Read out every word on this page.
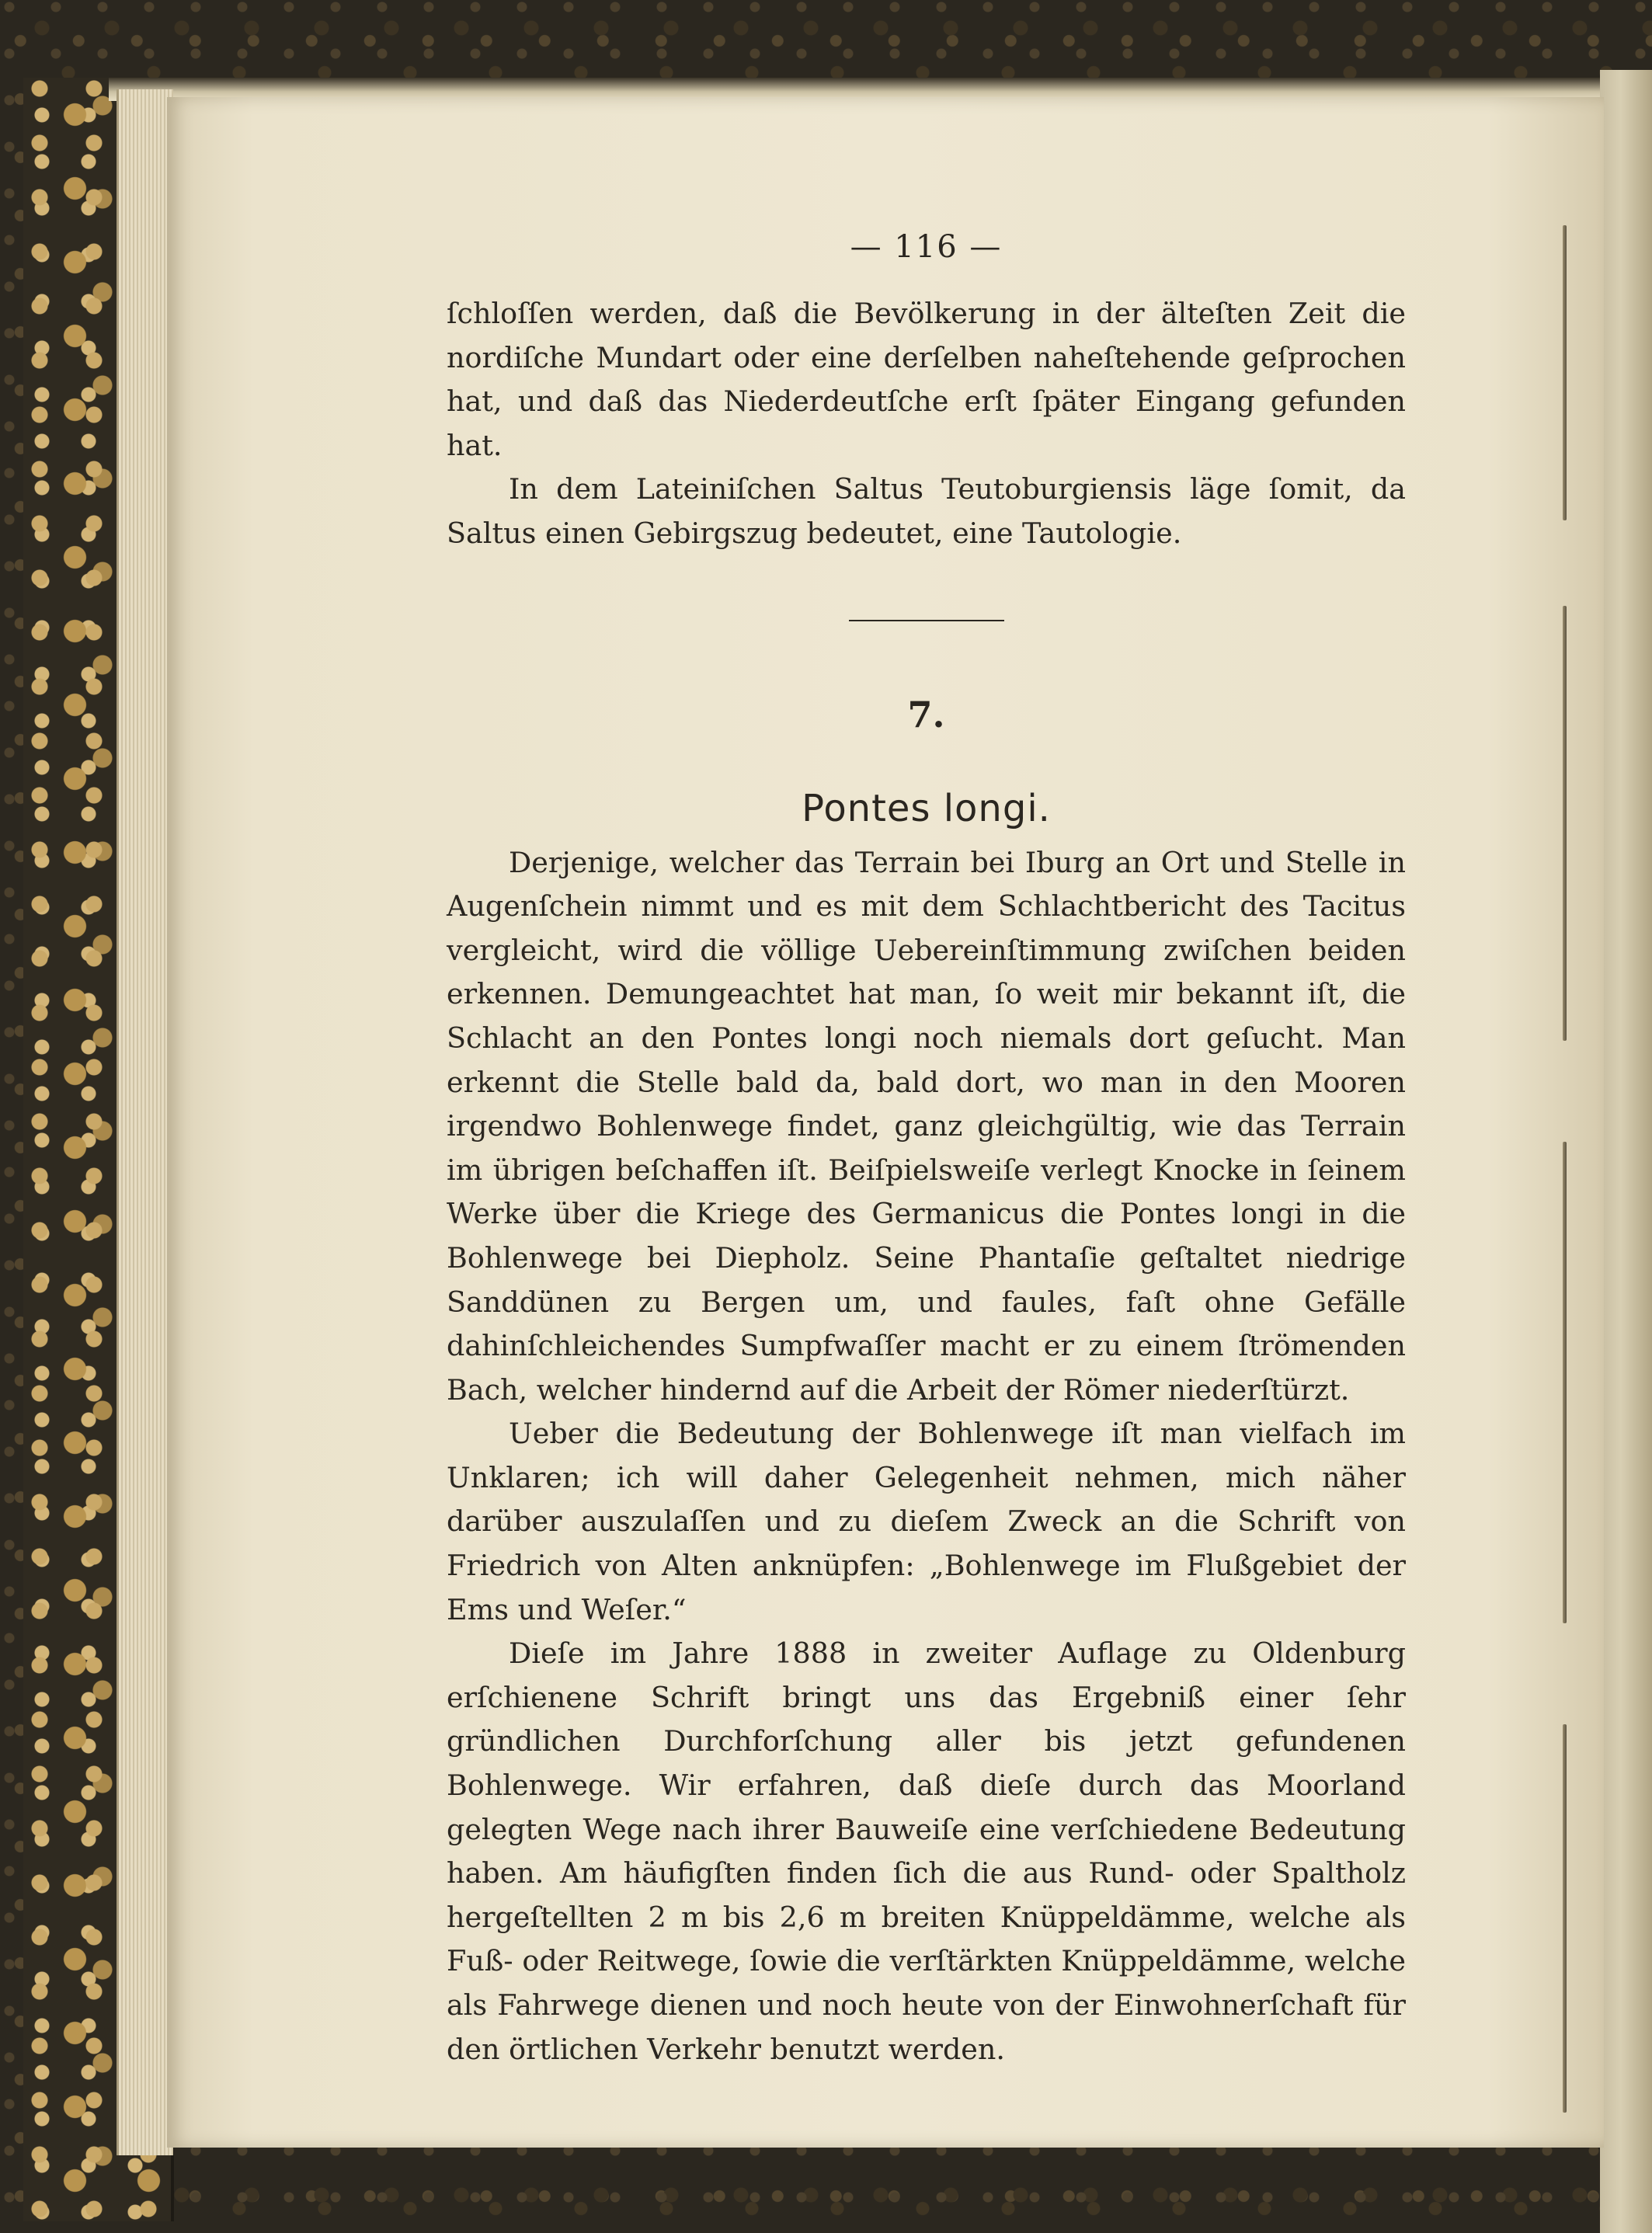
— 116 —

ſchloſſen werden, daß die Bevölkerung in der älteſten Zeit die nordiſche Mundart oder eine derſelben naheſtehende geſprochen hat, und daß das Niederdeutſche erſt ſpäter Eingang gefunden hat.

In dem Lateiniſchen Saltus Teutoburgiensis läge ſomit, da Saltus einen Gebirgszug bedeutet, eine Tautologie.

7.
Pontes longi.

Derjenige, welcher das Terrain bei Iburg an Ort und Stelle in Augenſchein nimmt und es mit dem Schlachtbericht des Tacitus vergleicht, wird die völlige Uebereinſtimmung zwiſchen beiden erkennen. Demungeachtet hat man, ſo weit mir bekannt iſt, die Schlacht an den Pontes longi noch niemals dort geſucht. Man erkennt die Stelle bald da, bald dort, wo man in den Mooren irgendwo Bohlenwege findet, ganz gleichgültig, wie das Terrain im übrigen beſchaffen iſt. Beiſpielsweiſe verlegt Knocke in ſeinem Werke über die Kriege des Germanicus die Pontes longi in die Bohlenwege bei Diepholz. Seine Phantaſie geſtaltet niedrige Sanddünen zu Bergen um, und faules, faſt ohne Gefälle dahinſchleichendes Sumpfwaſſer macht er zu einem ſtrömenden Bach, welcher hindernd auf die Arbeit der Römer niederſtürzt.

Ueber die Bedeutung der Bohlenwege iſt man vielfach im Unklaren; ich will daher Gelegenheit nehmen, mich näher darüber auszulaſſen und zu dieſem Zweck an die Schrift von Friedrich von Alten anknüpfen: „Bohlenwege im Flußgebiet der Ems und Weſer.“

Dieſe im Jahre 1888 in zweiter Auflage zu Oldenburg erſchienene Schrift bringt uns das Ergebniß einer ſehr gründlichen Durchforſchung aller bis jetzt gefundenen Bohlenwege. Wir erfahren, daß dieſe durch das Moorland gelegten Wege nach ihrer Bauweiſe eine verſchiedene Bedeutung haben. Am häufigſten finden ſich die aus Rund- oder Spaltholz hergeſtellten 2 m bis 2,6 m breiten Knüppeldämme, welche als Fuß- oder Reitwege, ſowie die verſtärkten Knüppeldämme, welche als Fahrwege dienen und noch heute von der Einwohnerſchaft für den örtlichen Verkehr benutzt werden.
